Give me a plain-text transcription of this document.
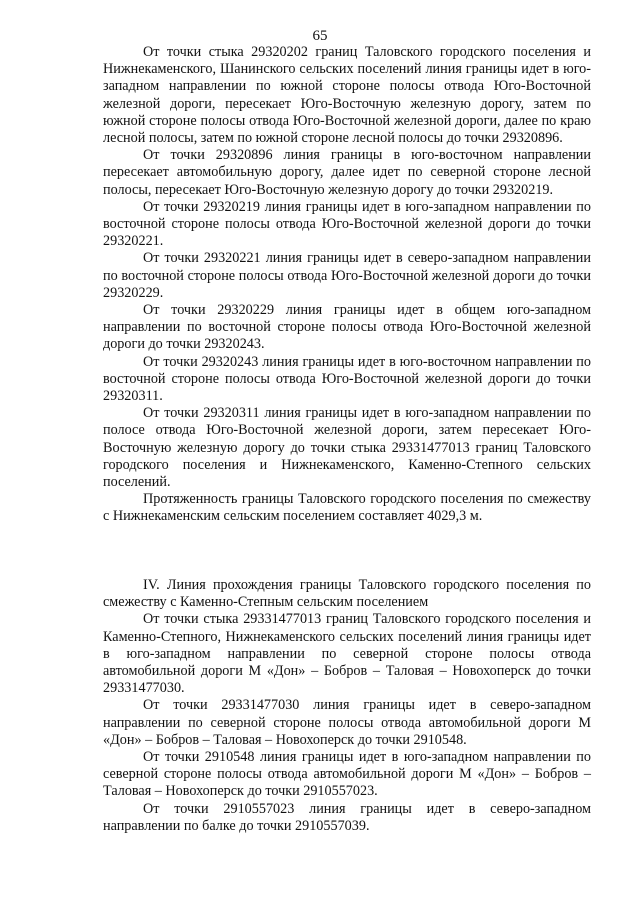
65

От точки стыка 29320202 границ Таловского городского поселения и Нижнекаменского, Шанинского сельских поселений линия границы идет в юго-западном направлении по южной стороне полосы отвода Юго-Восточной железной дороги, пересекает Юго-Восточную железную дорогу, затем по южной стороне полосы отвода Юго-Восточной железной дороги, далее по краю лесной полосы, затем по южной стороне лесной полосы до точки 29320896.

От точки 29320896 линия границы в юго-восточном направлении пересекает автомобильную дорогу, далее идет по северной стороне лесной полосы, пересекает Юго-Восточную железную дорогу до точки 29320219.

От точки 29320219 линия границы идет в юго-западном направлении по восточной стороне полосы отвода Юго-Восточной железной дороги до точки 29320221.

От точки 29320221 линия границы идет в северо-западном направлении по восточной стороне полосы отвода Юго-Восточной железной дороги до точки 29320229.

От точки 29320229 линия границы идет в общем юго-западном направлении по восточной стороне полосы отвода Юго-Восточной железной дороги до точки 29320243.

От точки 29320243 линия границы идет в юго-восточном направлении по восточной стороне полосы отвода Юго-Восточной железной дороги до точки 29320311.

От точки 29320311 линия границы идет в юго-западном направлении по полосе отвода Юго-Восточной железной дороги, затем пересекает Юго-Восточную железную дорогу до точки стыка 29331477013 границ Таловского городского поселения и Нижнекаменского, Каменно-Степного сельских поселений.

Протяженность границы Таловского городского поселения по смежеству с Нижнекаменским сельским поселением составляет 4029,3 м.

IV. Линия прохождения границы Таловского городского поселения по смежеству с Каменно-Степным сельским поселением

От точки стыка 29331477013 границ Таловского городского поселения и Каменно-Степного, Нижнекаменского сельских поселений линия границы идет в юго-западном направлении по северной стороне полосы отвода автомобильной дороги М «Дон» – Бобров – Таловая – Новохоперск до точки 29331477030.

От точки 29331477030 линия границы идет в северо-западном направлении по северной стороне полосы отвода автомобильной дороги М «Дон» – Бобров – Таловая – Новохоперск до точки 2910548.

От точки 2910548 линия границы идет в юго-западном направлении по северной стороне полосы отвода автомобильной дороги М «Дон» – Бобров – Таловая – Новохоперск до точки 2910557023.

От точки 2910557023 линия границы идет в северо-западном направлении по балке до точки 2910557039.
